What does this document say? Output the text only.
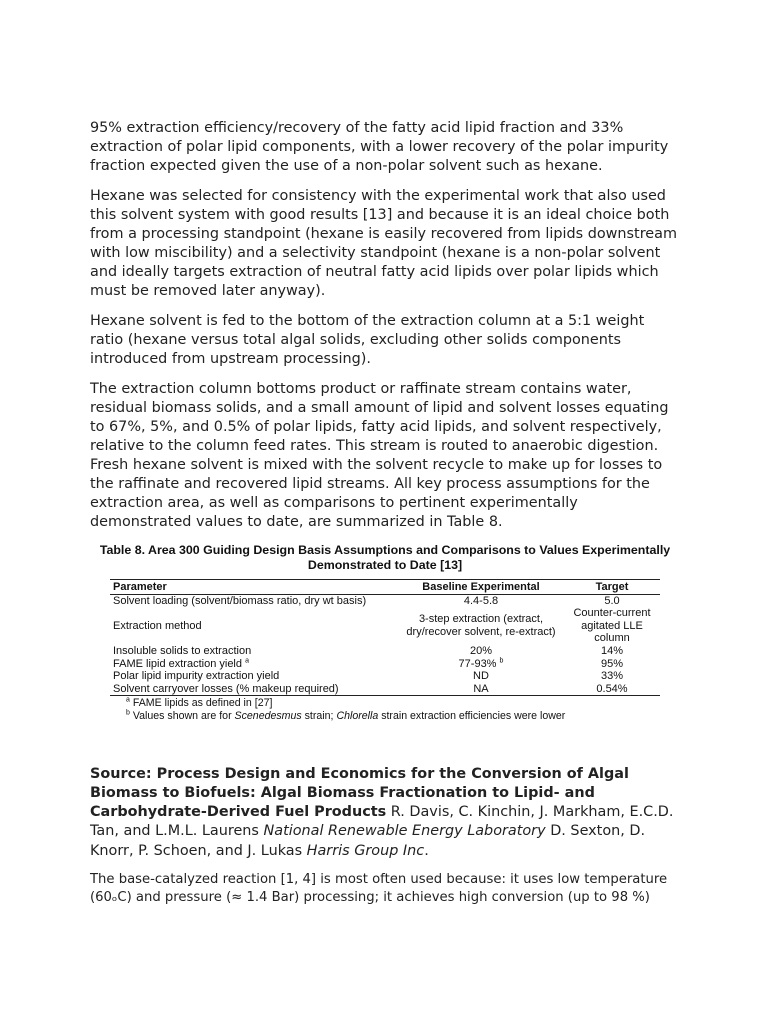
95% extraction efficiency/recovery of the fatty acid lipid fraction and 33% extraction of polar lipid components, with a lower recovery of the polar impurity fraction expected given the use of a non-polar solvent such as hexane.

Hexane was selected for consistency with the experimental work that also used this solvent system with good results [13] and because it is an ideal choice both from a processing standpoint (hexane is easily recovered from lipids downstream with low miscibility) and a selectivity standpoint (hexane is a non-polar solvent and ideally targets extraction of neutral fatty acid lipids over polar lipids which must be removed later anyway).

Hexane solvent is fed to the bottom of the extraction column at a 5:1 weight ratio (hexane versus total algal solids, excluding other solids components introduced from upstream processing).

The extraction column bottoms product or raffinate stream contains water, residual biomass solids, and a small amount of lipid and solvent losses equating to 67%, 5%, and 0.5% of polar lipids, fatty acid lipids, and solvent respectively, relative to the column feed rates. This stream is routed to anaerobic digestion. Fresh hexane solvent is mixed with the solvent recycle to make up for losses to the raffinate and recovered lipid streams. All key process assumptions for the extraction area, as well as comparisons to pertinent experimentally demonstrated values to date, are summarized in Table 8.

Table 8. Area 300 Guiding Design Basis Assumptions and Comparisons to Values Experimentally
Demonstrated to Date [13]
Parameter	Baseline Experimental	Target
Solvent loading (solvent/biomass ratio, dry wt basis)	4.4-5.8	5.0
Extraction method	3-step extraction (extract, dry/recover solvent, re-extract)	Counter-current agitated LLE column
Insoluble solids to extraction	20%	14%
FAME lipid extraction yield $^a$	77-93% $^b$	95%
Polar lipid impurity extraction yield	ND	33%
Solvent carryover losses (% makeup required)	NA	0.54%
$^a$ FAME lipids as defined in [27]
$^b$ Values shown are for Scenedesmus strain; Chlorella strain extraction efficiencies were lower
Source: Process Design and Economics for the Conversion of Algal Biomass to Biofuels: Algal Biomass Fractionation to Lipid- and Carbohydrate-Derived Fuel Products R. Davis, C. Kinchin, J. Markham, E.C.D. Tan, and L.M.L. Laurens National Renewable Energy Laboratory D. Sexton, D. Knorr, P. Schoen, and J. Lukas Harris Group Inc.

The base-catalyzed reaction [1, 4] is most often used because: it uses low temperature (60ₒC) and pressure (≈ 1.4 Bar) processing; it achieves high conversion (up to 98 %)
